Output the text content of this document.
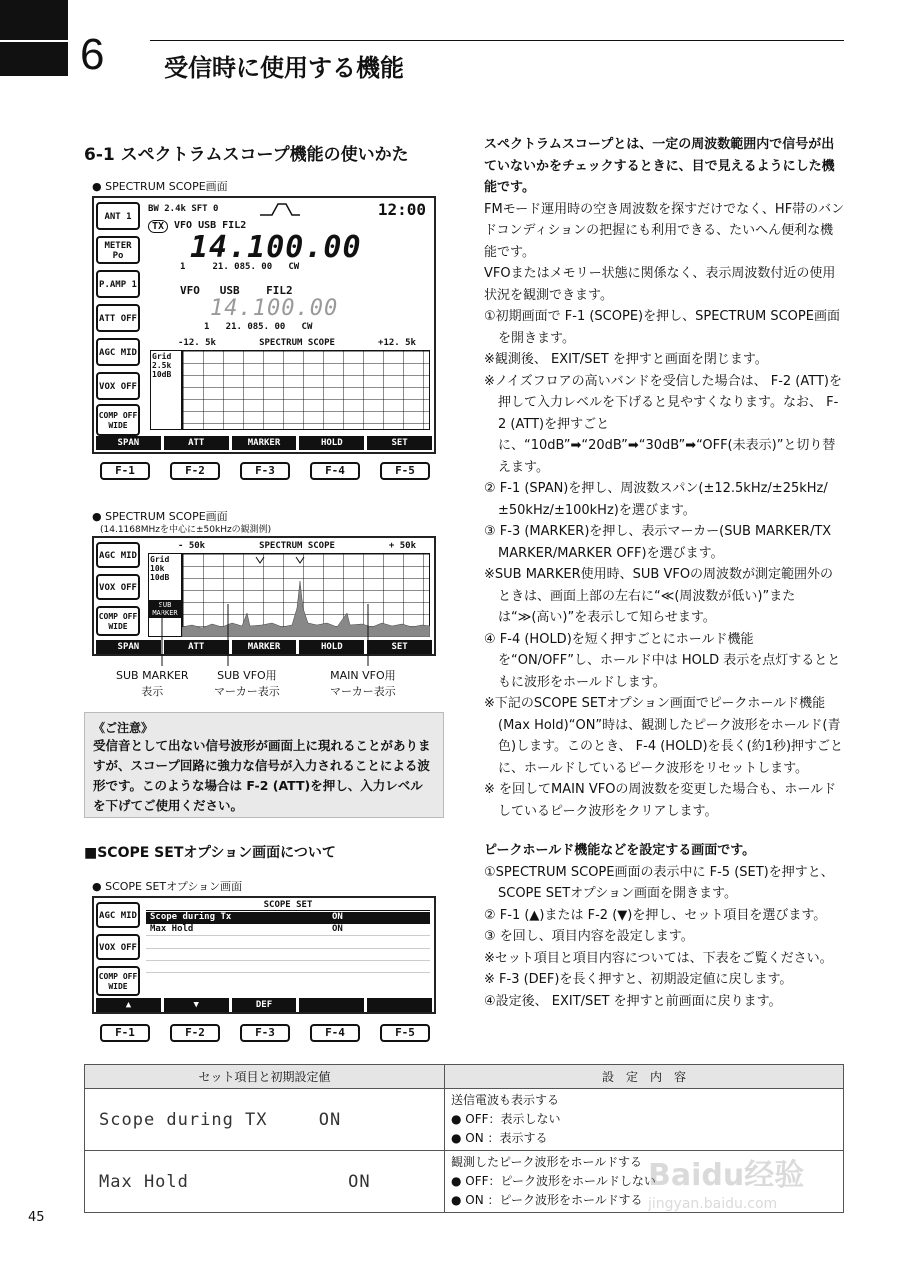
6 受信時に使用する機能
6-1 スペクトラムスコープ機能の使いかた
● SPECTRUM SCOPE画面
ANT 1
METER Po
P.AMP 1
ATT OFF
AGC MID
VOX OFF
COMP OFF WIDE
BW 2.4k SFT 0	12:00
TX VFO USB FIL2
14.100.00
1     21. 085. 00   CW
VFO   USB    FIL2
14.100.00
1   21. 085. 00   CW
-12. 5k	SPECTRUM SCOPE	+12. 5k
Grid 2.5k 10dB
SPAN	ATT	MARKER	HOLD	SET
F-1	F-2	F-3	F-4	F-5
● SPECTRUM SCOPE画面
(14.1168MHzを中心に±50kHzの観測例)
AGC MID
VOX OFF
COMP OFF WIDE
- 50k	SPECTRUM SCOPE	+ 50k
Grid 10k 10dB
SUB MARKER
SPAN	ATT	MARKER	HOLD	SET
SUB MARKER
表示
SUB VFO用
マーカー表示
MAIN VFO用
マーカー表示
《ご注意》
受信音として出ない信号波形が画面上に現れることがありますが、スコープ回路に強力な信号が入力されることによる波形です。このような場合は F-2 (ATT)を押し、入力レベルを下げてご使用ください。
■SCOPE SETオプション画面について
● SCOPE SETオプション画面
AGC MID
VOX OFF
COMP OFF WIDE
SCOPE SET
Scope during Tx	ON
Max Hold	ON
▲	▼	DEF
F-1	F-2	F-3	F-4	F-5

スペクトラムスコープとは、一定の周波数範囲内で信号が出ていないかをチェックするときに、目で見えるようにした機能です。

FMモード運用時の空き周波数を探すだけでなく、HF帯のバンドコンディションの把握にも利用できる、たいへん便利な機能です。

VFOまたはメモリー状態に関係なく、表示周波数付近の使用状況を観測できます。

①初期画面で F-1 (SCOPE)を押し、SPECTRUM SCOPE画面を開きます。

※観測後、 EXIT/SET を押すと画面を閉じます。

※ノイズフロアの高いバンドを受信した場合は、 F-2 (ATT)を押して入力レベルを下げると見やすくなります。なお、 F-2 (ATT)を押すごとに、“10dB”➡“20dB”➡“30dB”➡“OFF(未表示)”と切り替えます。

② F-1 (SPAN)を押し、周波数スパン(±12.5kHz/±25kHz/±50kHz/±100kHz)を選びます。

③ F-3 (MARKER)を押し、表示マーカー(SUB MARKER/TX MARKER/MARKER OFF)を選びます。

※SUB MARKER使用時、SUB VFOの周波数が測定範囲外のときは、画面上部の左右に“≪(周波数が低い)”または“≫(高い)”を表示して知らせます。

④ F-4 (HOLD)を短く押すごとにホールド機能を“ON/OFF”し、ホールド中は HOLD 表示を点灯するとともに波形をホールドします。

※下記のSCOPE SETオプション画面でピークホールド機能(Max Hold)“ON”時は、観測したピーク波形をホールド(青色)します。このとき、 F-4 (HOLD)を長く(約1秒)押すごとに、ホールドしているピーク波形をリセットします。

※ を回してMAIN VFOの周波数を変更した場合も、ホールドしているピーク波形をクリアします。

ピークホールド機能などを設定する画面です。

①SPECTRUM SCOPE画面の表示中に F-5 (SET)を押すと、SCOPE SETオプション画面を開きます。

② F-1 (▲)または F-2 (▼)を押し、セット項目を選びます。

③ を回し、項目内容を設定します。

※セット項目と項目内容については、下表をご覧ください。

※ F-3 (DEF)を長く押すと、初期設定値に戻します。

④設定後、 EXIT/SET を押すと前画面に戻ります。

セット項目と初期設定値	設　定　内　容
Scope during TX ON	送信電波も表示する
● OFF：表示しない
● ON ：表示する

Max Hold ON	観測したピーク波形をホールドする
● OFF：ピーク波形をホールドしない
● ON ：ピーク波形をホールドする
45
Baidu经验
jingyan.baidu.com
